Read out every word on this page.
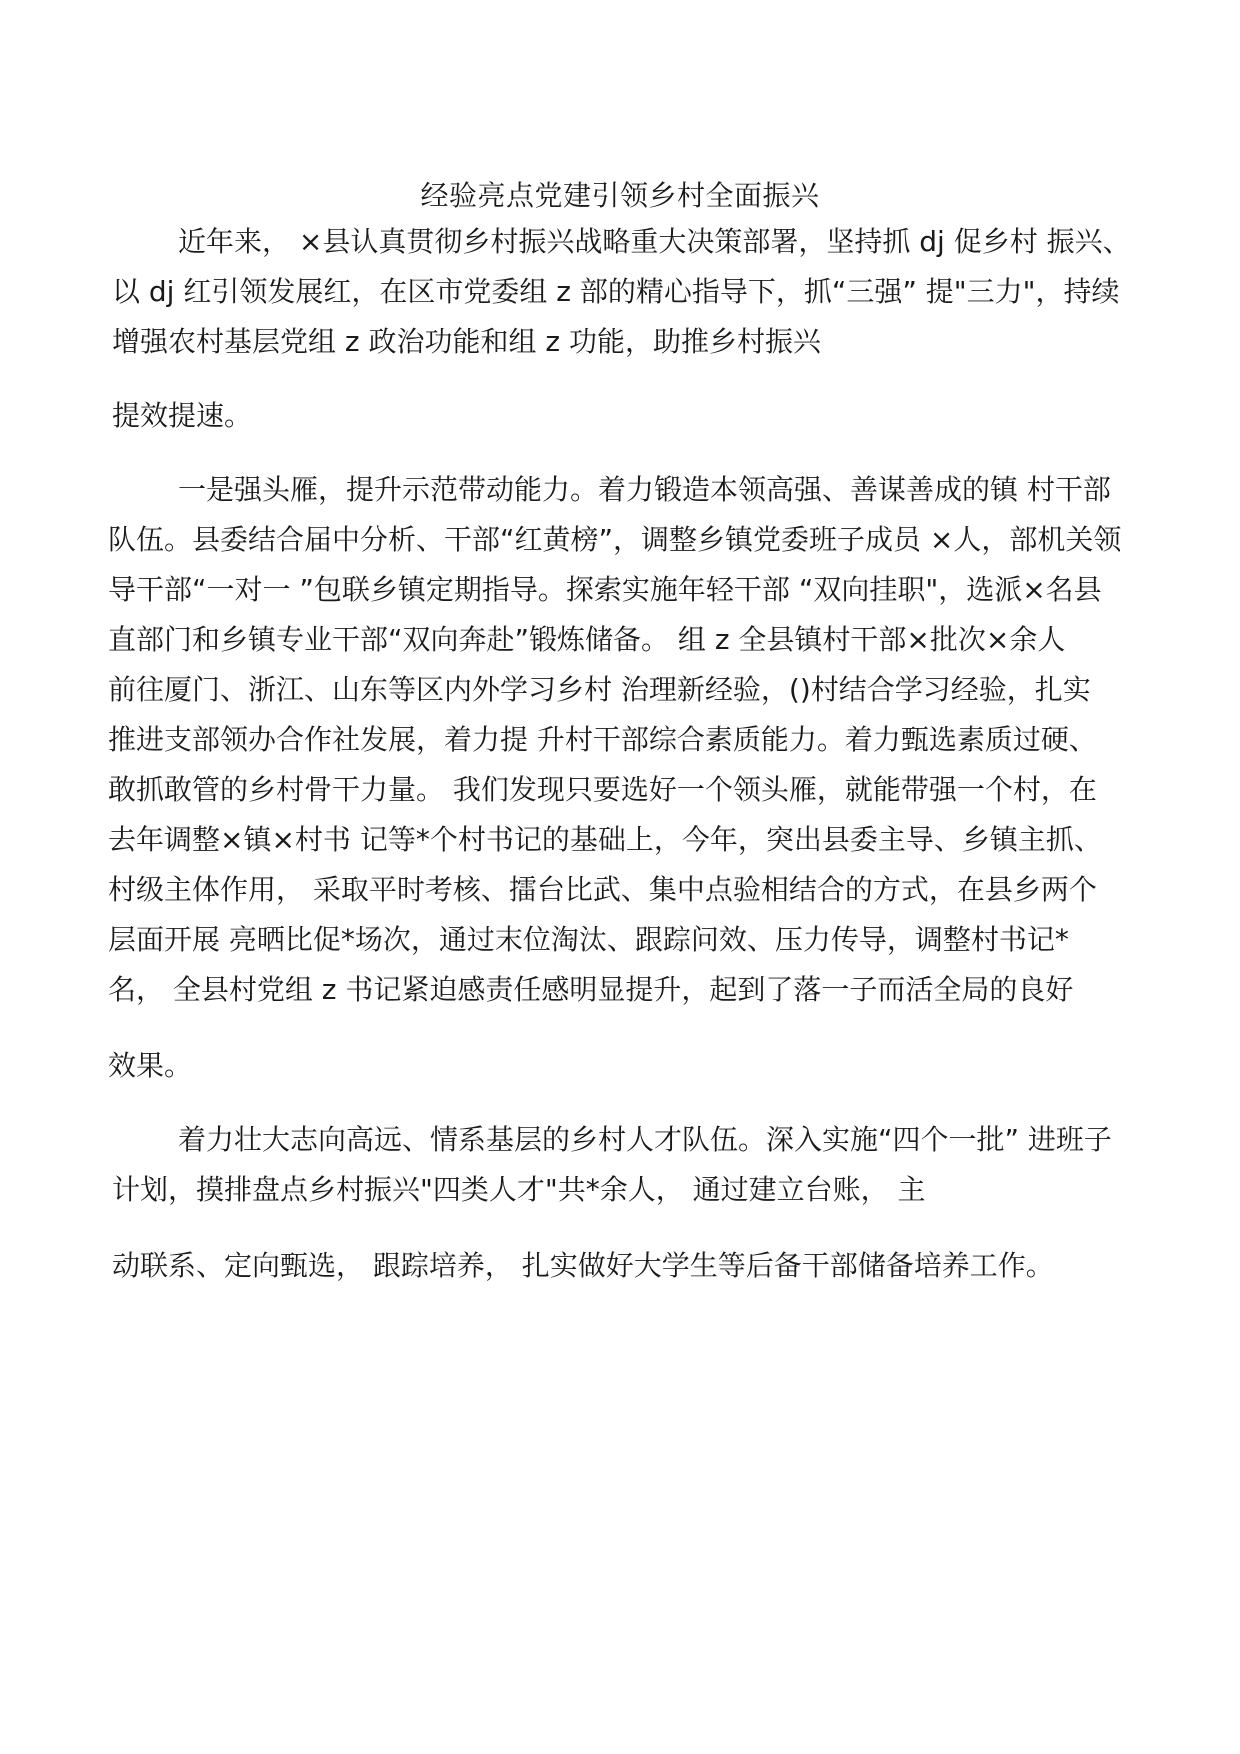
经验亮点党建引领乡村全面振兴
近年来， ×县认真贯彻乡村振兴战略重大决策部署，坚持抓 dj 促乡村 振兴、
以 dj 红引领发展红，在区市党委组 z 部的精心指导下，抓“三强” 提"三力"，持续
增强农村基层党组 z 政治功能和组 z 功能，助推乡村振兴
提效提速。
一是强头雁，提升示范带动能力。着力锻造本领高强、善谋善成的镇 村干部
队伍。县委结合届中分析、干部“红黄榜”，调整乡镇党委班子成员 ×人，部机关领
导干部“一对一 ”包联乡镇定期指导。探索实施年轻干部 “双向挂职"，选派×名县
直部门和乡镇专业干部“双向奔赴”锻炼储备。 组 z 全县镇村干部×批次×余人
前往厦门、浙江、山东等区内外学习乡村 治理新经验，()村结合学习经验，扎实
推进支部领办合作社发展，着力提 升村干部综合素质能力。着力甄选素质过硬、
敢抓敢管的乡村骨干力量。 我们发现只要选好一个领头雁，就能带强一个村，在
去年调整×镇×村书 记等*个村书记的基础上，今年，突出县委主导、乡镇主抓、
村级主体作用， 采取平时考核、擂台比武、集中点验相结合的方式，在县乡两个
层面开展 亮晒比促*场次，通过末位淘汰、跟踪问效、压力传导，调整村书记*
名， 全县村党组 z 书记紧迫感责任感明显提升，起到了落一子而活全局的良好
效果。
着力壮大志向高远、情系基层的乡村人才队伍。深入实施“四个一批” 进班子
计划，摸排盘点乡村振兴"四类人才"共*余人， 通过建立台账， 主
动联系、定向甄选， 跟踪培养， 扎实做好大学生等后备干部储备培养工作。
